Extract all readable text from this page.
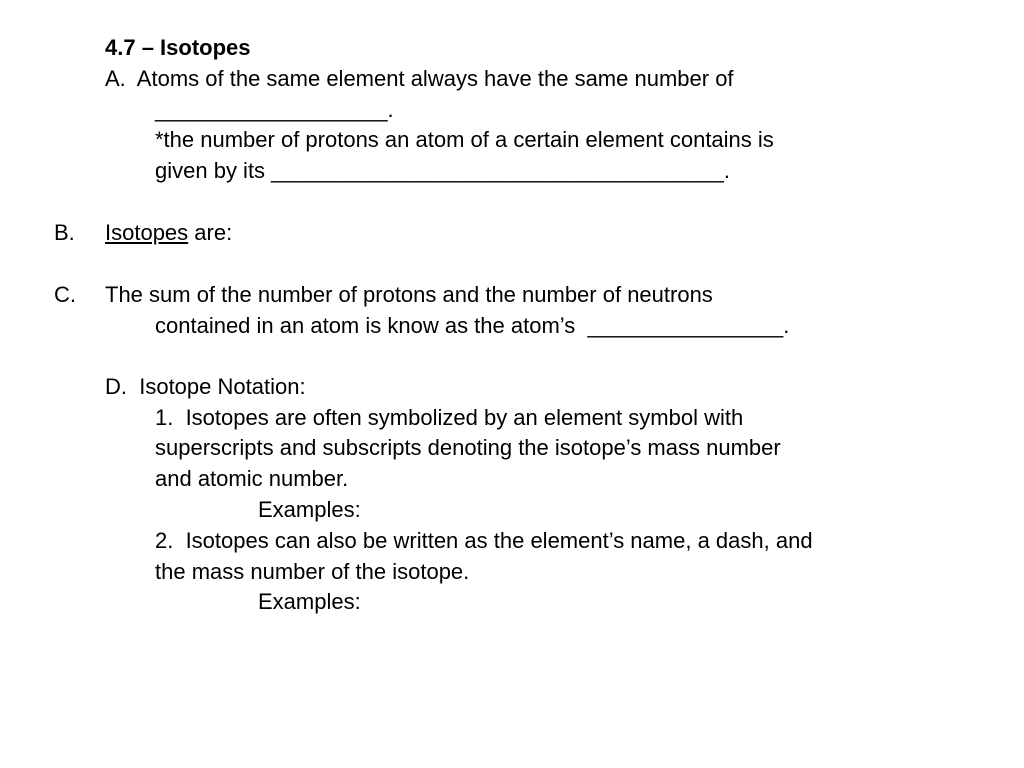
4.7 – Isotopes
A.  Atoms of the same element always have the same number of
___________________.
*the number of protons an atom of a certain element contains is
given by its _____________________________________.
B. Isotopes are:
C. The sum of the number of protons and the number of neutrons
contained in an atom is know as the atom’s  ________________.
D.  Isotope Notation:
1.  Isotopes are often symbolized by an element symbol with
superscripts and subscripts denoting the isotope’s mass number
and atomic number.
Examples:
2.  Isotopes can also be written as the element’s name, a dash, and
the mass number of the isotope.
Examples:
